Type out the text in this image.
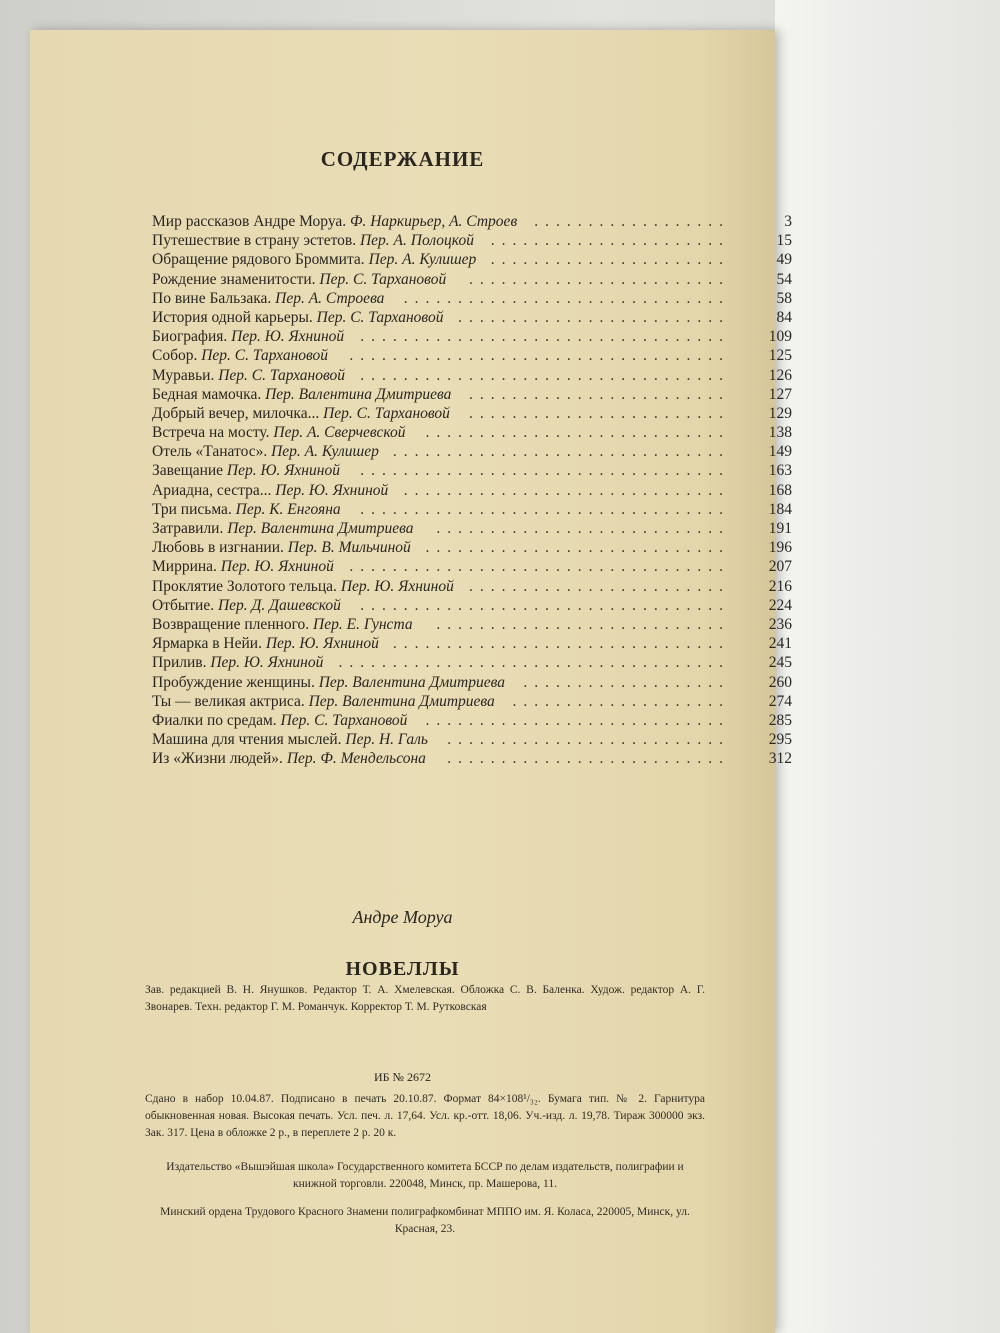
СОДЕРЖАНИЕ
Мир рассказов Андре Моруа. Ф. Наркирьер, А. Строев ..................	3
Путешествие в страну эстетов. Пер. А. Полоцкой ......................	15
Обращение рядового Броммита. Пер. А. Кулишер ......................	49
Рождение знаменитости. Пер. С. Тархановой ........................	54
По вине Бальзака. Пер. А. Строева ..............................	58
История одной карьеры. Пер. С. Тархановой .........................	84
Биография. Пер. Ю. Яхниной ..................................	109
Собор. Пер. С. Тархановой ...................................	125
Муравьи. Пер. С. Тархановой ..................................	126
Бедная мамочка. Пер. Валентина Дмитриева ........................	127
Добрый вечер, милочка... Пер. С. Тархановой ........................	129
Встреча на мосту. Пер. А. Сверчевской ............................	138
Отель «Танатос». Пер. А. Кулишер ...............................	149
Завещание Пер. Ю. Яхниной ..................................	163
Ариадна, сестра... Пер. Ю. Яхниной ..............................	168
Три письма. Пер. К. Енгояна ..................................	184
Затравили. Пер. Валентина Дмитриева ...........................	191
Любовь в изгнании. Пер. В. Мильчиной ............................	196
Миррина. Пер. Ю. Яхниной ...................................	207
Проклятие Золотого тельца. Пер. Ю. Яхниной ........................	216
Отбытие. Пер. Д. Дашевской ..................................	224
Возвращение пленного. Пер. Е. Гунста ...........................	236
Ярмарка в Нейи. Пер. Ю. Яхниной ...............................	241
Прилив. Пер. Ю. Яхниной ....................................	245
Пробуждение женщины. Пер. Валентина Дмитриева ...................	260
Ты — великая актриса. Пер. Валентина Дмитриева ....................	274
Фиалки по средам. Пер. С. Тархановой ............................	285
Машина для чтения мыслей. Пер. Н. Галь ..........................	295
Из «Жизни людей». Пер. Ф. Мендельсона ..........................	312
Андре Моруа
НОВЕЛЛЫ
Зав. редакцией В. Н. Янушков. Редактор Т. А. Хмелевская. Обложка С. В. Баленка. Худож. редактор А. Г. Звонарев. Техн. редактор Г. М. Романчук. Корректор Т. М. Рутковская
ИБ № 2672
Сдано в набор 10.04.87. Подписано в печать 20.10.87. Формат 84×108¹/₃₂. Бумага тип. № 2. Гарнитура обыкновенная новая. Высокая печать. Усл. печ. л. 17,64. Усл. кр.-отт. 18,06. Уч.-изд. л. 19,78. Тираж 300000 экз. Зак. 317. Цена в обложке 2 р., в переплете 2 р. 20 к.
Издательство «Вышэйшая школа» Государственного комитета БССР по делам издательств, полиграфии и книжной торговли. 220048, Минск, пр. Машерова, 11.
Минский ордена Трудового Красного Знамени полиграфкомбинат МППО им. Я. Коласа, 220005, Минск, ул. Красная, 23.
